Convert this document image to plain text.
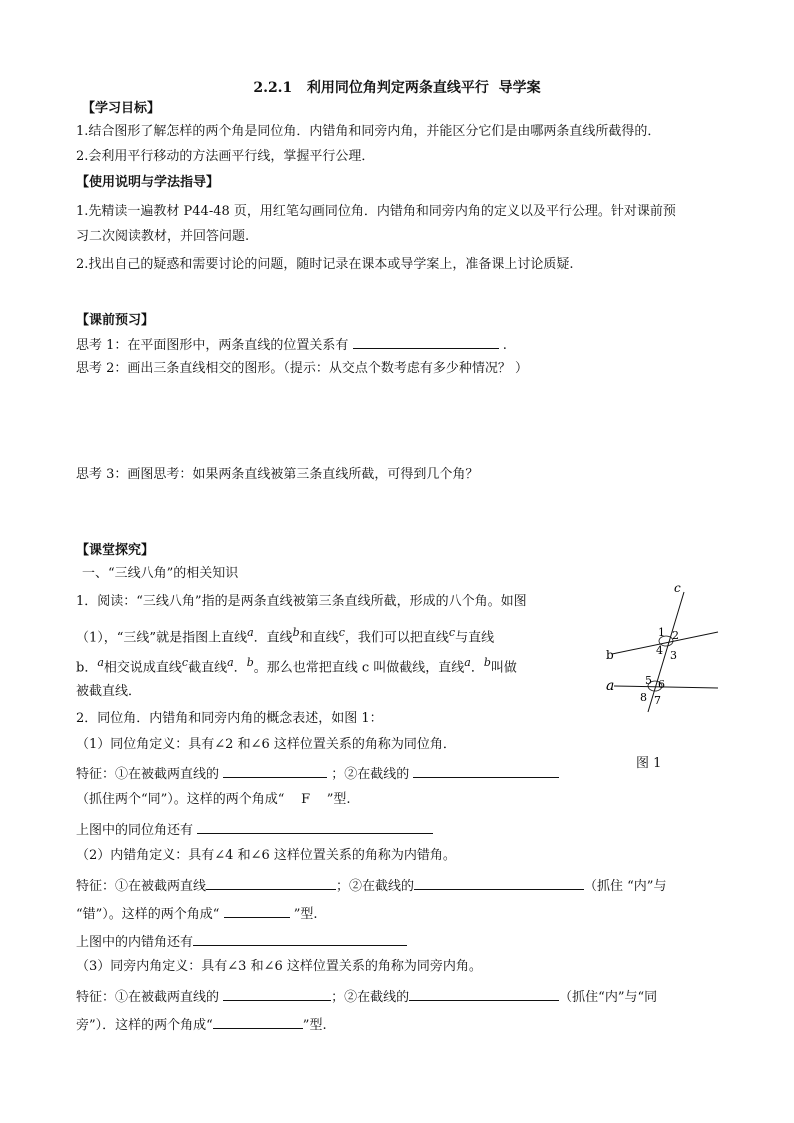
2.2.1   利用同位角判定两条直线平行  导学案
【学习目标】
1.结合图形了解怎样的两个角是同位角．内错角和同旁内角，并能区分它们是由哪两条直线所截得的．
2.会利用平行移动的方法画平行线，掌握平行公理．
【使用说明与学法指导】
1.先精读一遍教材 P44-48 页，用红笔勾画同位角．内错角和同旁内角的定义以及平行公理。针对课前预
习二次阅读教材，并回答问题.
2.找出自己的疑惑和需要讨论的问题，随时记录在课本或导学案上，准备课上讨论质疑.
【课前预习】
思考 1：在平面图形中，两条直线的位置关系有	.
思考 2：画出三条直线相交的图形。（提示：从交点个数考虑有多少种情况？ ）
思考 3：画图思考：如果两条直线被第三条直线所截，可得到几个角？
【课堂探究】
一、“三线八角”的相关知识
1．阅读：“三线八角”指的是两条直线被第三条直线所截，形成的八个角。如图
（1），“三线”就是指图上直线$^a$．直线$^b$和直线$^c$，我们可以把直线$^c$与直线
b．$^a$相交说成直线$^c$截直线$^a$．$^b$。那么也常把直线 c 叫做截线，直线$^a$．$^b$叫做
被截直线．
2．同位角．内错角和同旁内角的概念表述，如图 1：
（1）同位角定义：具有∠2 和∠6 这样位置关系的角称为同位角．
特征：①在被截两直线的	；②在截线的
（抓住两个“同”）。这样的两个角成“ F ”型.
上图中的同位角还有
（2）内错角定义：具有∠4 和∠6 这样位置关系的角称为内错角。
特征：①在被截两直线	；②在截线的	（抓住 “内”与
“错”）。这样的两个角成“	”型.
上图中的内错角还有
（3）同旁内角定义：具有∠3 和∠6 这样位置关系的角称为同旁内角。
特征：①在被截两直线的	；②在截线的	（抓住“内”与“同
旁”）．这样的两个角成“	”型.
c
b
a
1 2
3
4
5 6
7
8
图 1
